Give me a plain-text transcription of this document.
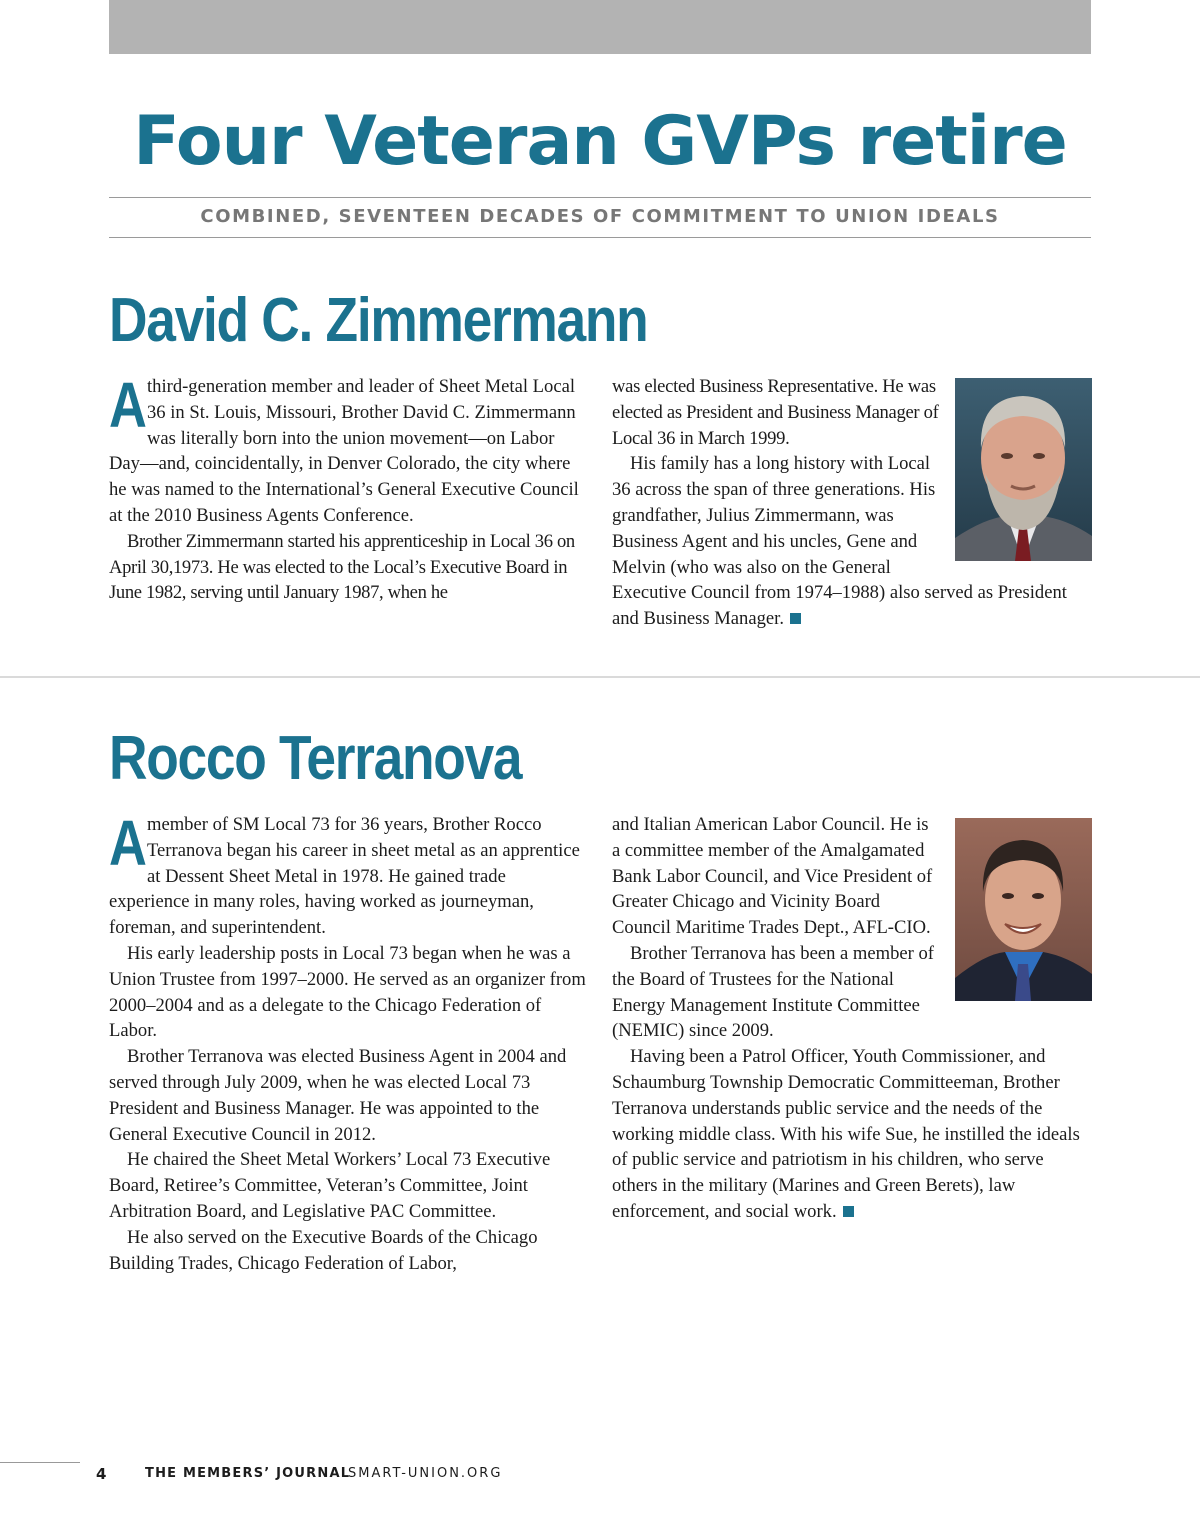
Four Veteran GVPs retire
COMBINED, SEVENTEEN DECADES OF COMMITMENT TO UNION IDEALS
David C. Zimmermann
A third-generation member and leader of Sheet Metal Local 36 in St. Louis, Missouri, Brother David C. Zimmermann was literally born into the union movement—on Labor Day—and, coincidentally, in Denver Colorado, the city where he was named to the International’s General Executive Council at the 2010 Business Agents Conference.

Brother Zimmermann started his apprenticeship in Local 36 on April 30,1973. He was elected to the Local’s Executive Board in June 1982, serving until January 1987, when he

was elected Business Representative. He was elected as President and Business Manager of Local 36 in March 1999.

His family has a long history with Local 36 across the span of three generations. His grandfather, Julius Zimmermann, was Business Agent and his uncles, Gene and Melvin (who was also on the General Executive Council from 1974–1988) also served as President and Business Manager.

Rocco Terranova
A member of SM Local 73 for 36 years, Brother Rocco Terranova began his career in sheet metal as an apprentice at Dessent Sheet Metal in 1978. He gained trade experience in many roles, having worked as journeyman, foreman, and superintendent.

His early leadership posts in Local 73 began when he was a Union Trustee from 1997–2000. He served as an organizer from 2000–2004 and as a delegate to the Chicago Federation of Labor.

Brother Terranova was elected Business Agent in 2004 and served through July 2009, when he was elected Local 73 President and Business Manager. He was appointed to the General Executive Council in 2012.

He chaired the Sheet Metal Workers’ Local 73 Executive Board, Retiree’s Committee, Veteran’s Committee, Joint Arbitration Board, and Legislative PAC Committee.

He also served on the Executive Boards of the Chicago Building Trades, Chicago Federation of Labor,

and Italian American Labor Council. He is a committee member of the Amalgamated Bank Labor Council, and Vice President of Greater Chicago and Vicinity Board Council Maritime Trades Dept., AFL-CIO.

Brother Terranova has been a member of the Board of Trustees for the National Energy Management Institute Committee (NEMIC) since 2009.

Having been a Patrol Officer, Youth Commissioner, and Schaumburg Township Democratic Committeeman, Brother Terranova understands public service and the needs of the working middle class. With his wife Sue, he instilled the ideals of public service and patriotism in his children, who serve others in the military (Marines and Green Berets), law enforcement, and social work.

4	THE MEMBERS’ JOURNAL
SMART-UNION.ORG
